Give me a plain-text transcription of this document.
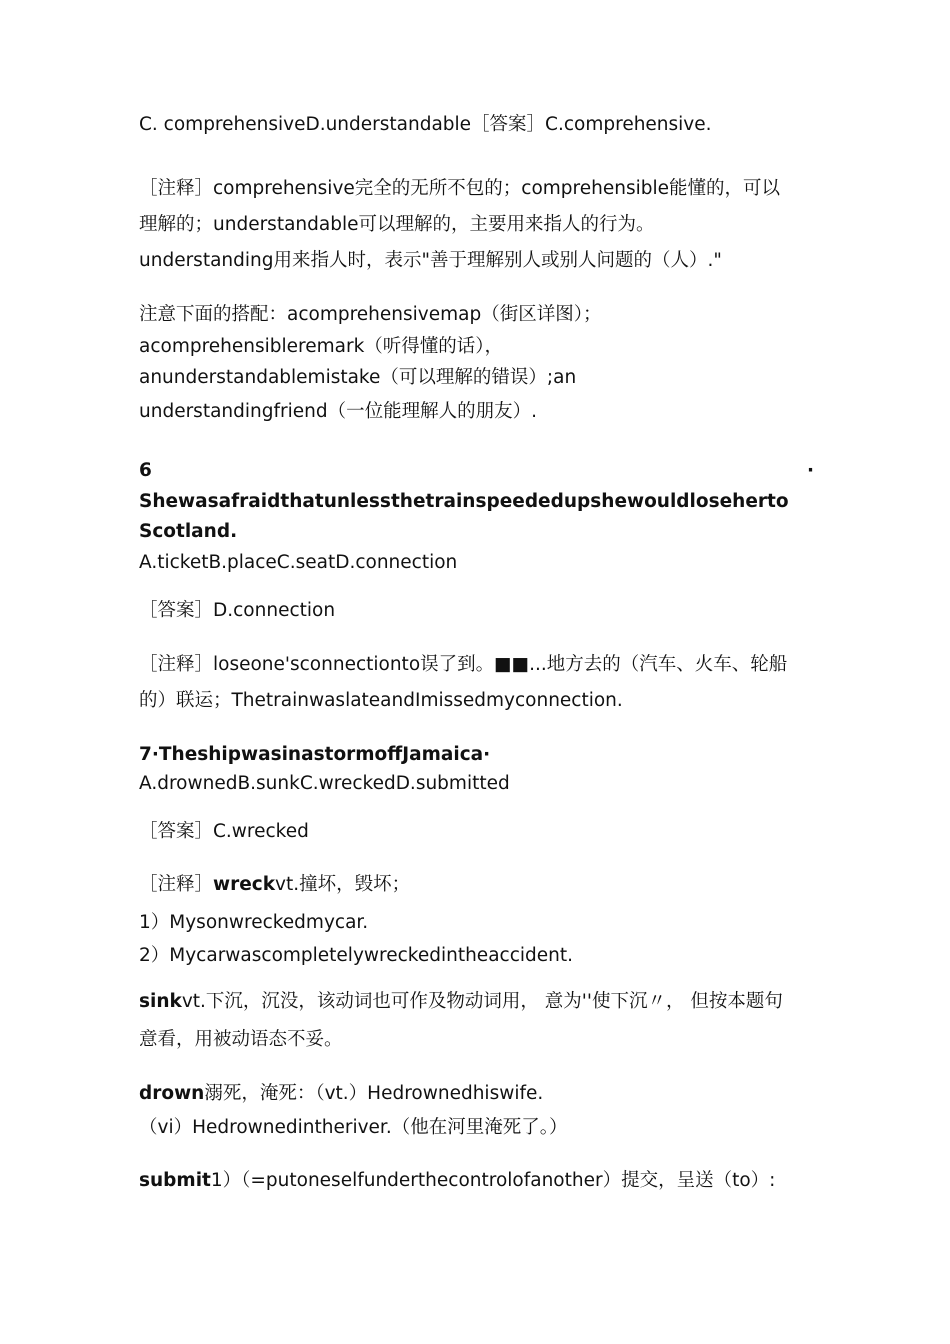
C. comprehensiveD.understandable［答案］C.comprehensive.
［注释］comprehensive完全的无所不包的；comprehensible能懂的，可以
理解的；understandable可以理解的，主要用来指人的行为。
understanding用来指人时，表示"善于理解别人或别人问题的（人）."
注意下面的搭配：acomprehensivemap（街区详图）；
acomprehensibleremark（听得懂的话），
anunderstandablemistake（可以理解的错误）;an
understandingfriend（一位能理解人的朋友）.
6	·
Shewasafraidthatunlessthetrainspeededupshewouldloseherto
Scotland.
A.ticketB.placeC.seatD.connection
［答案］D.connection
［注释］loseone'sconnectionto误了到。■■...地方去的（汽车、火车、轮船
的）联运；ThetrainwaslateandImissedmyconnection.
7·TheshipwasinastormoffJamaica·
A.drownedB.sunkC.wreckedD.submitted
［答案］C.wrecked
［注释］wreckvt.撞坏，毁坏；
1）Mysonwreckedmycar.
2）Mycarwascompletelywreckedintheaccident.
sinkvt.下沉，沉没，该动词也可作及物动词用， 意为''使下沉〃， 但按本题句
意看，用被动语态不妥。
drown溺死，淹死：（vt.）Hedrownedhiswife.
（vi）Hedrownedintheriver.（他在河里淹死了。）
submit1）（=putoneselfunderthecontrolofanother）提交，呈送（to）:
